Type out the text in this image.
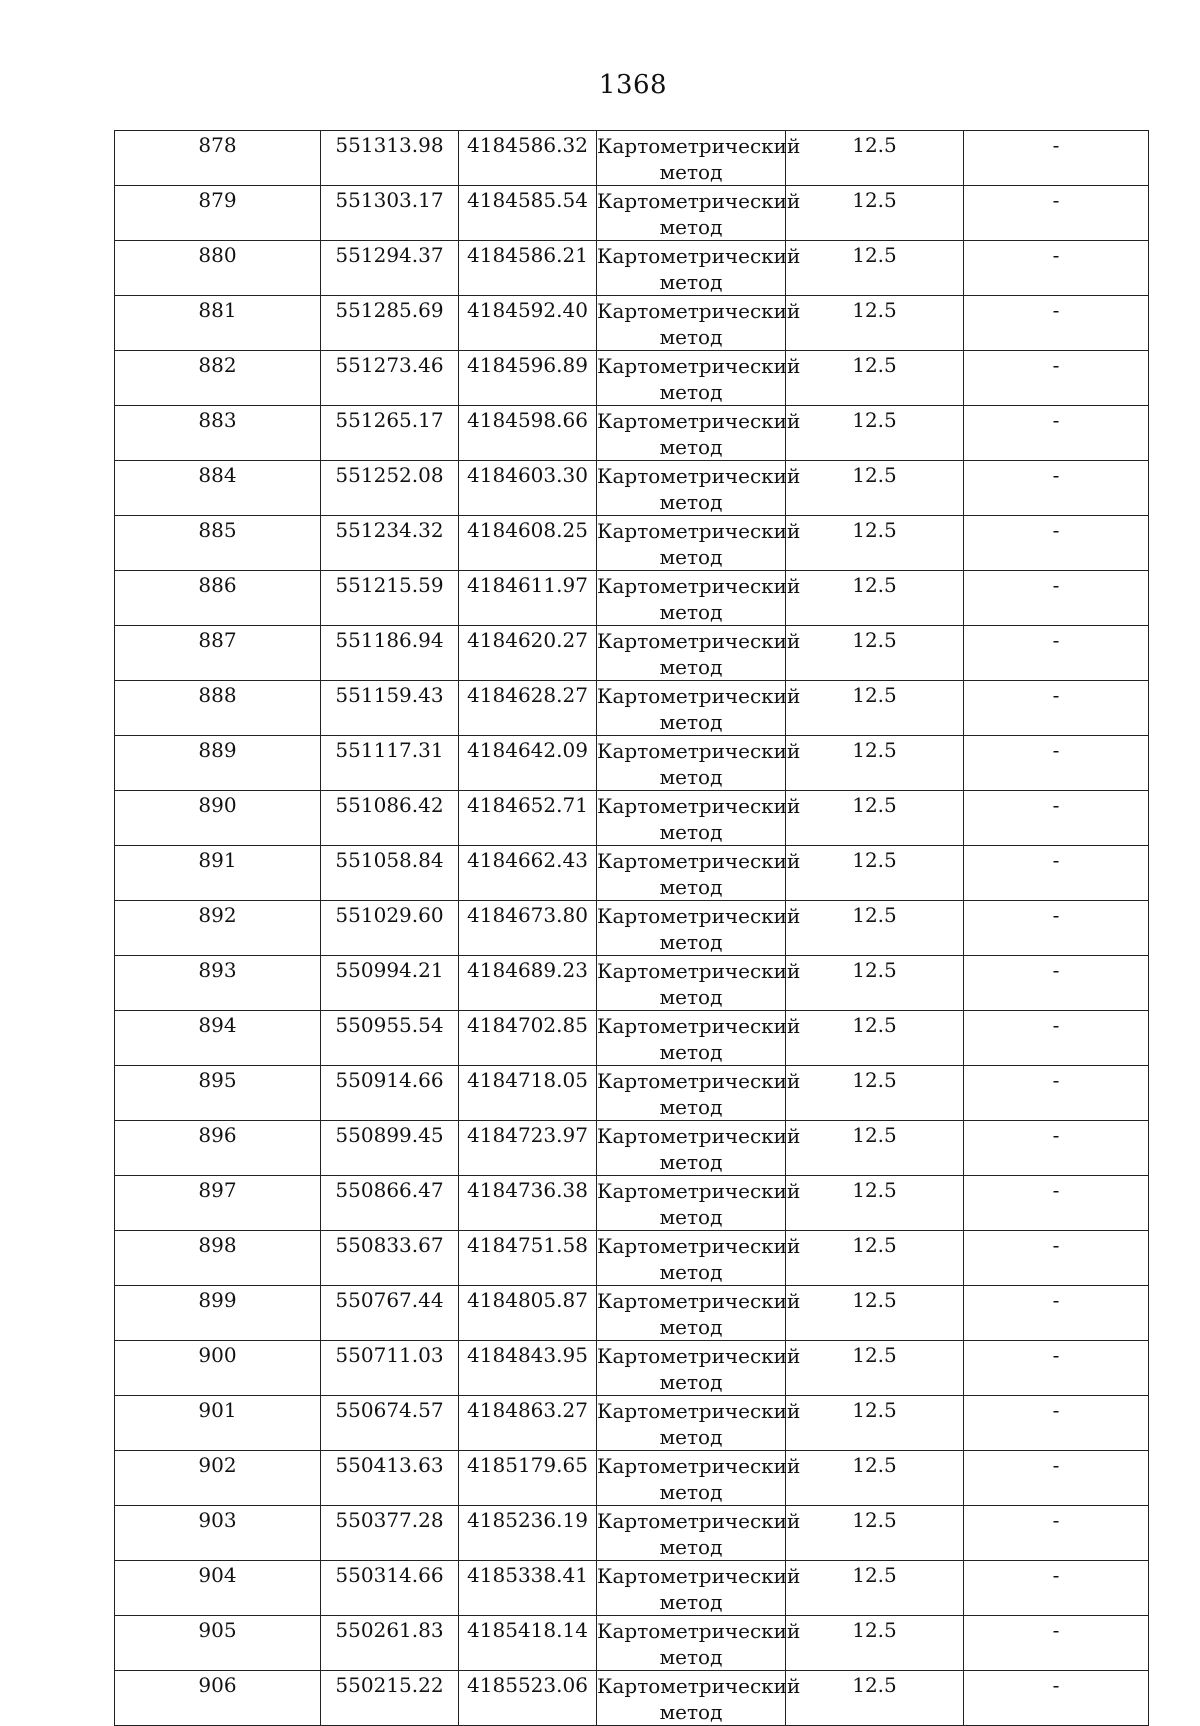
1368
878	551313.98	4184586.32	Картометрический метод	12.5	-

879	551303.17	4184585.54	Картометрический метод	12.5	-

880	551294.37	4184586.21	Картометрический метод	12.5	-

881	551285.69	4184592.40	Картометрический метод	12.5	-

882	551273.46	4184596.89	Картометрический метод	12.5	-

883	551265.17	4184598.66	Картометрический метод	12.5	-

884	551252.08	4184603.30	Картометрический метод	12.5	-

885	551234.32	4184608.25	Картометрический метод	12.5	-

886	551215.59	4184611.97	Картометрический метод	12.5	-

887	551186.94	4184620.27	Картометрический метод	12.5	-

888	551159.43	4184628.27	Картометрический метод	12.5	-

889	551117.31	4184642.09	Картометрический метод	12.5	-

890	551086.42	4184652.71	Картометрический метод	12.5	-

891	551058.84	4184662.43	Картометрический метод	12.5	-

892	551029.60	4184673.80	Картометрический метод	12.5	-

893	550994.21	4184689.23	Картометрический метод	12.5	-

894	550955.54	4184702.85	Картометрический метод	12.5	-

895	550914.66	4184718.05	Картометрический метод	12.5	-

896	550899.45	4184723.97	Картометрический метод	12.5	-

897	550866.47	4184736.38	Картометрический метод	12.5	-

898	550833.67	4184751.58	Картометрический метод	12.5	-

899	550767.44	4184805.87	Картометрический метод	12.5	-

900	550711.03	4184843.95	Картометрический метод	12.5	-

901	550674.57	4184863.27	Картометрический метод	12.5	-

902	550413.63	4185179.65	Картометрический метод	12.5	-

903	550377.28	4185236.19	Картометрический метод	12.5	-

904	550314.66	4185338.41	Картометрический метод	12.5	-

905	550261.83	4185418.14	Картометрический метод	12.5	-

906	550215.22	4185523.06	Картометрический метод	12.5	-
